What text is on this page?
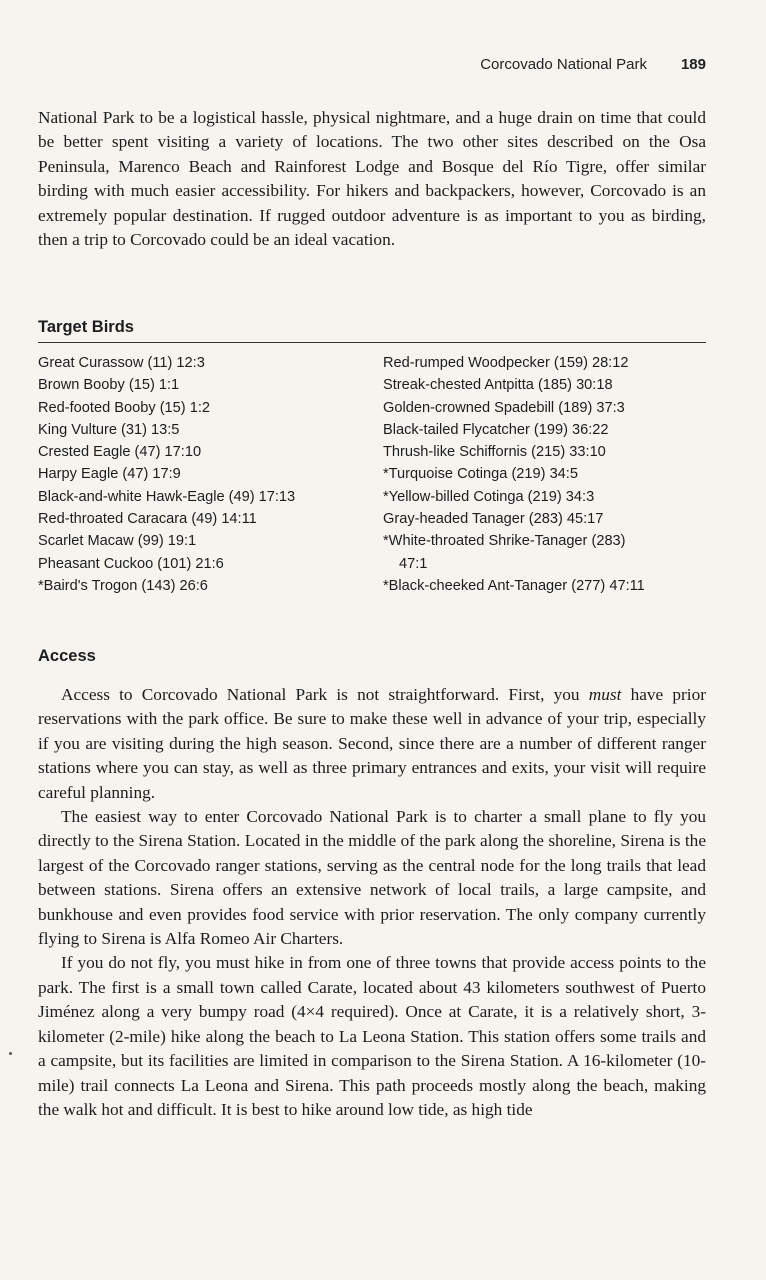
Corcovado National Park 189

National Park to be a logistical hassle, physical nightmare, and a huge drain on time that could be better spent visiting a variety of locations. The two other sites described on the Osa Peninsula, Marenco Beach and Rainforest Lodge and Bosque del Río Tigre, offer similar birding with much easier accessibility. For hikers and backpackers, however, Corcovado is an extremely popular destination. If rugged outdoor adventure is as important to you as birding, then a trip to Corcovado could be an ideal vacation.

Target Birds
Great Curassow (11) 12:3
Brown Booby (15) 1:1
Red-footed Booby (15) 1:2
King Vulture (31) 13:5
Crested Eagle (47) 17:10
Harpy Eagle (47) 17:9
Black-and-white Hawk-Eagle (49) 17:13
Red-throated Caracara (49) 14:11
Scarlet Macaw (99) 19:1
Pheasant Cuckoo (101) 21:6
*Baird's Trogon (143) 26:6
Red-rumped Woodpecker (159) 28:12
Streak-chested Antpitta (185) 30:18
Golden-crowned Spadebill (189) 37:3
Black-tailed Flycatcher (199) 36:22
Thrush-like Schiffornis (215) 33:10
*Turquoise Cotinga (219) 34:5
*Yellow-billed Cotinga (219) 34:3
Gray-headed Tanager (283) 45:17
*White-throated Shrike-Tanager (283)
47:1
*Black-cheeked Ant-Tanager (277) 47:11
Access

Access to Corcovado National Park is not straightforward. First, you must have prior reservations with the park office. Be sure to make these well in advance of your trip, especially if you are visiting during the high season. Second, since there are a number of different ranger stations where you can stay, as well as three primary entrances and exits, your visit will require careful planning.

The easiest way to enter Corcovado National Park is to charter a small plane to fly you directly to the Sirena Station. Located in the middle of the park along the shoreline, Sirena is the largest of the Corcovado ranger stations, serving as the central node for the long trails that lead between stations. Sirena offers an extensive network of local trails, a large campsite, and bunkhouse and even provides food service with prior reservation. The only company currently flying to Sirena is Alfa Romeo Air Charters.

If you do not fly, you must hike in from one of three towns that provide access points to the park. The first is a small town called Carate, located about 43 kilometers southwest of Puerto Jiménez along a very bumpy road (4×4 required). Once at Carate, it is a relatively short, 3-kilometer (2-mile) hike along the beach to La Leona Station. This station offers some trails and a campsite, but its facilities are limited in comparison to the Sirena Station. A 16-kilometer (10-mile) trail connects La Leona and Sirena. This path proceeds mostly along the beach, making the walk hot and difficult. It is best to hike around low tide, as high tide
